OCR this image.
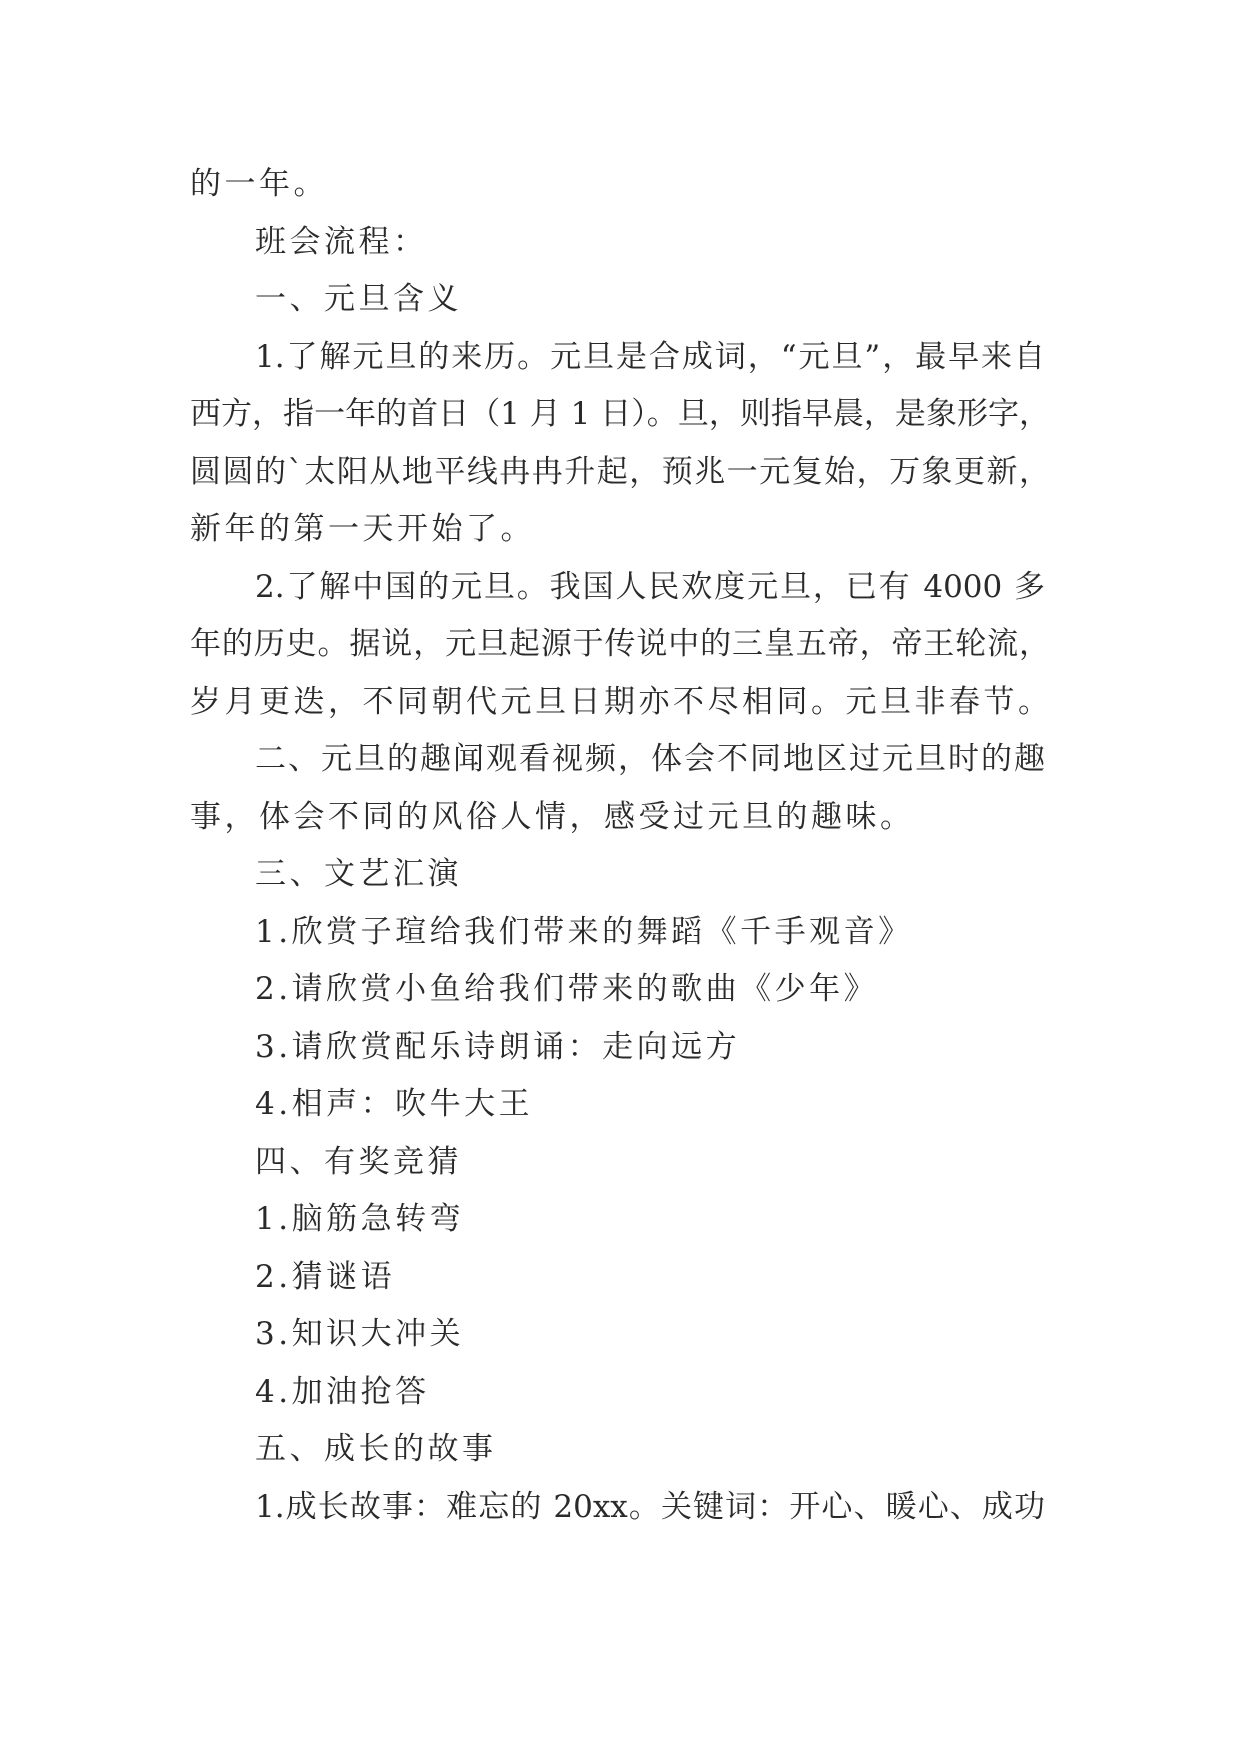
的一年。
班会流程：
一、元旦含义
1.了解元旦的来历。元旦是合成词，“元旦”，最早来自
西方，指一年的首日（1 月 1 日）。旦，则指早晨，是象形字，
圆圆的`太阳从地平线冉冉升起，预兆一元复始，万象更新，
新年的第一天开始了。
2.了解中国的元旦。我国人民欢度元旦，已有 4000 多
年的历史。据说，元旦起源于传说中的三皇五帝，帝王轮流，
岁月更迭，不同朝代元旦日期亦不尽相同。元旦非春节。
二、元旦的趣闻观看视频，体会不同地区过元旦时的趣
事，体会不同的风俗人情，感受过元旦的趣味。
三、文艺汇演
1.欣赏子瑄给我们带来的舞蹈《千手观音》
2.请欣赏小鱼给我们带来的歌曲《少年》
3.请欣赏配乐诗朗诵：走向远方
4.相声：吹牛大王
四、有奖竞猜
1.脑筋急转弯
2.猜谜语
3.知识大冲关
4.加油抢答
五、成长的故事
1.成长故事：难忘的 20xx。关键词：开心、暖心、成功
